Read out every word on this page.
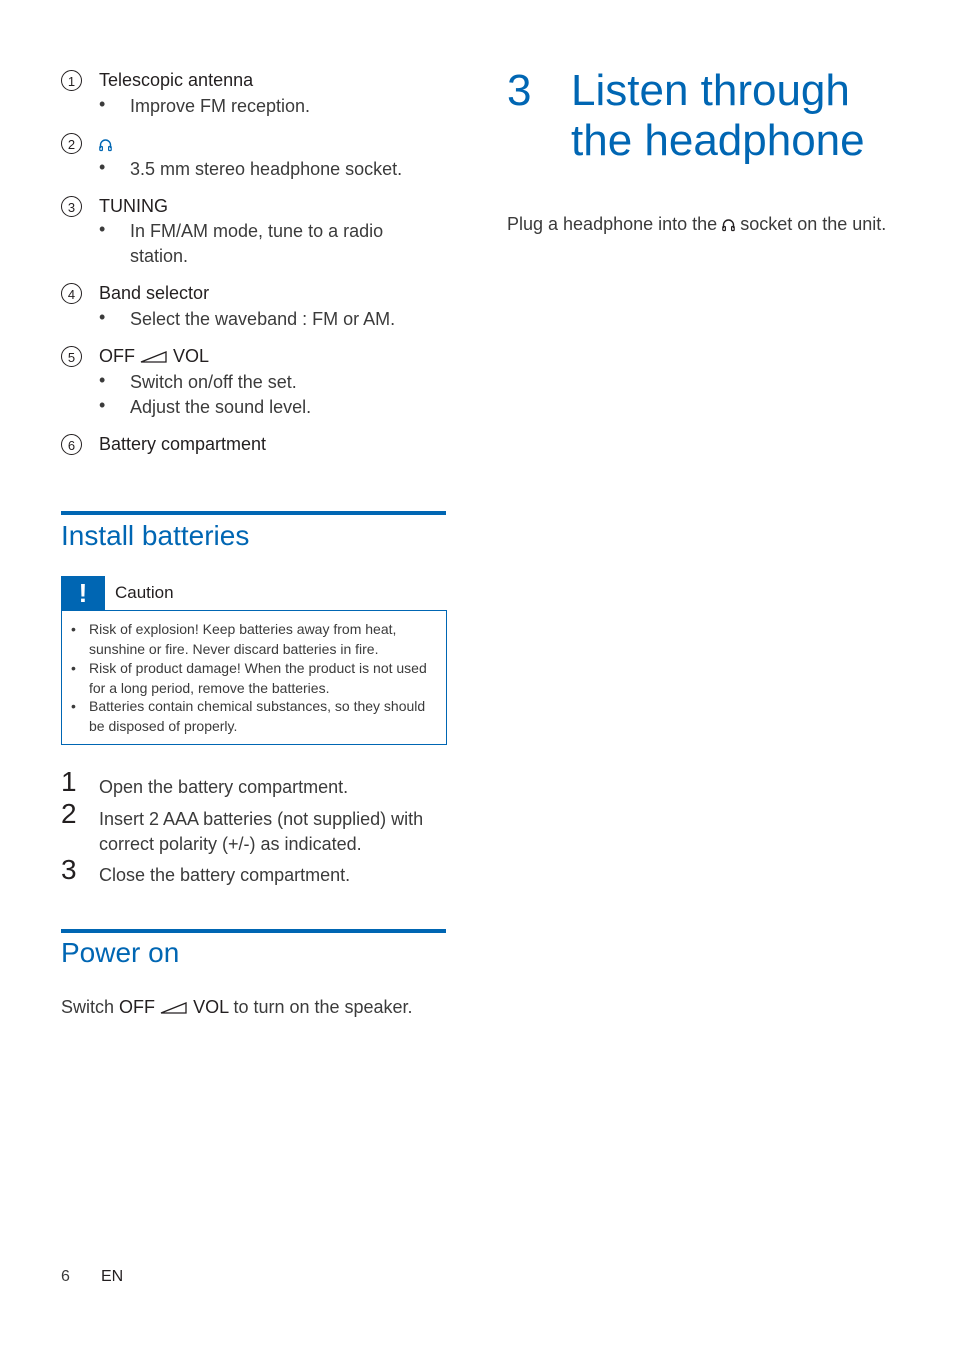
1	Telescopic antenna
• Improve FM reception.
2
• 3.5 mm stereo headphone socket.
3	TUNING
• In FM/AM mode, tune to a radio station.
4	Band selector
• Select the waveband : FM or AM.
5	OFF VOL
• Switch on/off the set.
• Adjust the sound level.
6	Battery compartment
Install batteries
!	Caution
• Risk of explosion! Keep batteries away from heat, sunshine or fire. Never discard batteries in fire.
• Risk of product damage! When the product is not used for a long period, remove the batteries.
• Batteries contain chemical substances, so they should be disposed of properly.
1 Open the battery compartment.
2 Insert 2 AAA batteries (not supplied) with correct polarity (+/-) as indicated.
3 Close the battery compartment.
Power on
Switch OFF VOL to turn on the speaker.
3 Listen through
the headphone
Plug a headphone into the socket on the unit.
6 EN
